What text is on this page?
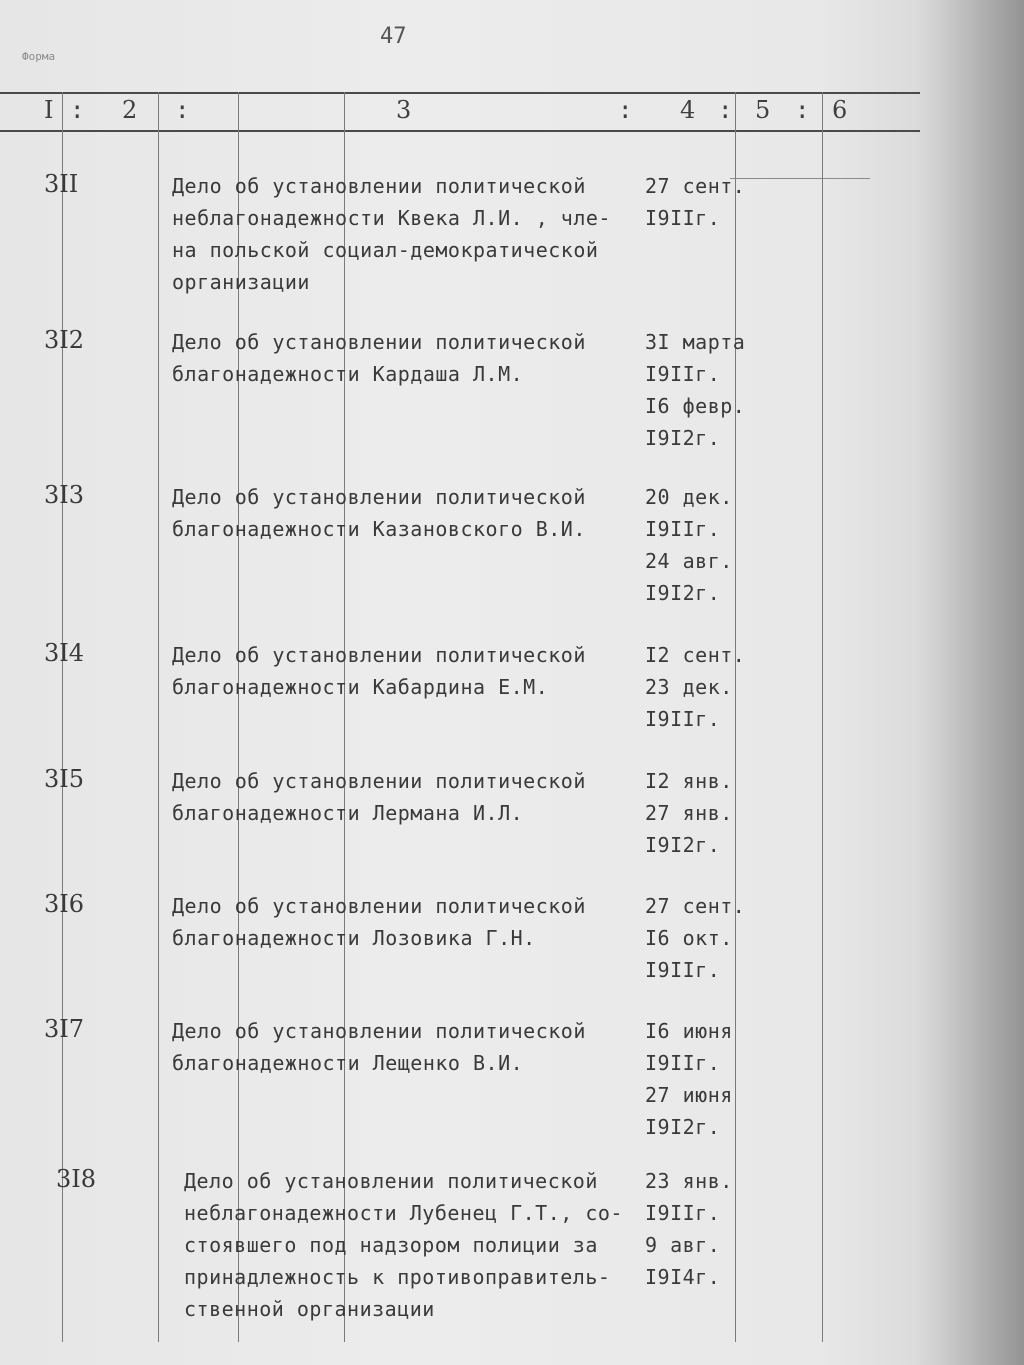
47
Форма
I : 2 :	3	: 4 : 5 : 6
3II	Дело об установлении политической
неблагонадежности Квека Л.И. , чле-
на польской социал-демократической
организации
27 сент.
I9IIг.
3I2	Дело об установлении политической
благонадежности Кардаша Л.М.
3I марта
I9IIг.
I6 февр.
I9I2г.
3I3	Дело об установлении политической
благонадежности Казановского В.И.
20 дек.
I9IIг.
24 авг.
I9I2г.
3I4	Дело об установлении политической
благонадежности Кабардина Е.М.
I2 сент.
23 дек.
I9IIг.
3I5	Дело об установлении политической
благонадежности Лермана И.Л.
I2 янв.
27 янв.
I9I2г.
3I6	Дело об установлении политической
благонадежности Лозовика Г.Н.
27 сент.
I6 окт.
I9IIг.
3I7	Дело об установлении политической
благонадежности Лещенко В.И.
I6 июня
I9IIг.
27 июня
I9I2г.
3I8	Дело об установлении политической
неблагонадежности Лубенец Г.Т., со-
стоявшего под надзором полиции за
принадлежность к противоправитель-
ственной организации
23 янв.
I9IIг.
9 авг.
I9I4г.
